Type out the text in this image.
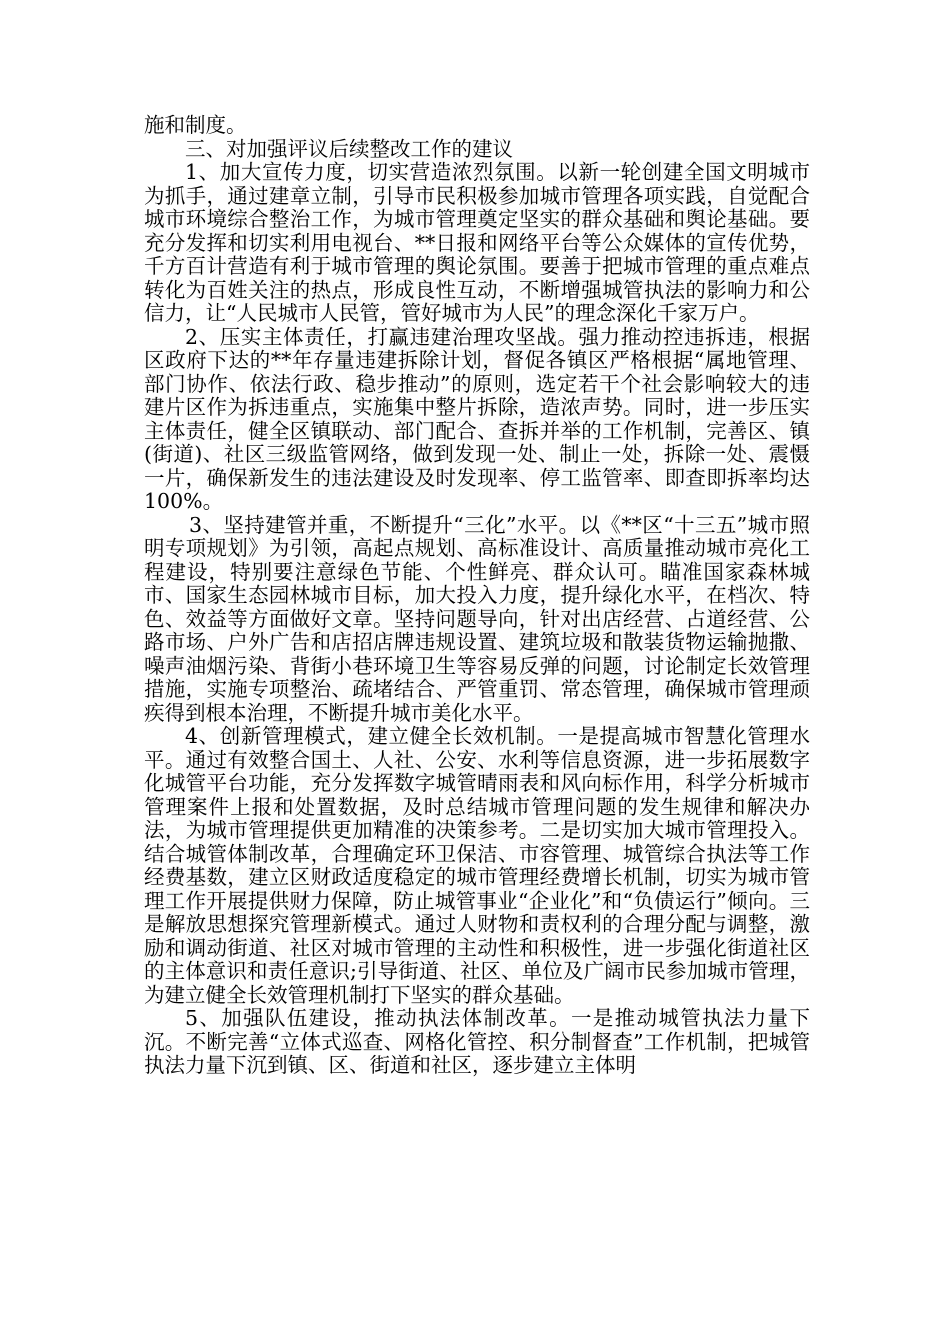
施和制度。

三、对加强评议后续整改工作的建议

1、加大宣传力度，切实营造浓烈氛围。以新一轮创建全国文明城市为抓手，通过建章立制，引导市民积极参加城市管理各项实践，自觉配合城市环境综合整治工作，为城市管理奠定坚实的群众基础和舆论基础。要充分发挥和切实利用电视台、**日报和网络平台等公众媒体的宣传优势，千方百计营造有利于城市管理的舆论氛围。要善于把城市管理的重点难点转化为百姓关注的热点，形成良性互动，不断增强城管执法的影响力和公信力，让“人民城市人民管，管好城市为人民”的理念深化千家万户。

2、压实主体责任，打赢违建治理攻坚战。强力推动控违拆违，根据区政府下达的**年存量违建拆除计划，督促各镇区严格根据“属地管理、部门协作、依法行政、稳步推动”的原则，选定若干个社会影响较大的违建片区作为拆违重点，实施集中整片拆除，造浓声势。同时，进一步压实主体责任，健全区镇联动、部门配合、查拆并举的工作机制，完善区、镇(街道)、社区三级监管网络，做到发现一处、制止一处，拆除一处、震慑一片，确保新发生的违法建设及时发现率、停工监管率、即查即拆率均达100%。

3、坚持建管并重，不断提升“三化”水平。以《**区“十三五”城市照明专项规划》为引领，高起点规划、高标准设计、高质量推动城市亮化工程建设，特别要注意绿色节能、个性鲜亮、群众认可。瞄准国家森林城市、国家生态园林城市目标，加大投入力度，提升绿化水平，在档次、特色、效益等方面做好文章。坚持问题导向，针对出店经营、占道经营、公路市场、户外广告和店招店牌违规设置、建筑垃圾和散装货物运输抛撒、噪声油烟污染、背街小巷环境卫生等容易反弹的问题，讨论制定长效管理措施，实施专项整治、疏堵结合、严管重罚、常态管理，确保城市管理顽疾得到根本治理，不断提升城市美化水平。

4、创新管理模式，建立健全长效机制。一是提高城市智慧化管理水平。通过有效整合国土、人社、公安、水利等信息资源，进一步拓展数字化城管平台功能，充分发挥数字城管晴雨表和风向标作用，科学分析城市管理案件上报和处置数据，及时总结城市管理问题的发生规律和解决办法，为城市管理提供更加精准的决策参考。二是切实加大城市管理投入。结合城管体制改革，合理确定环卫保洁、市容管理、城管综合执法等工作经费基数，建立区财政适度稳定的城市管理经费增长机制，切实为城市管理工作开展提供财力保障，防止城管事业“企业化”和“负债运行”倾向。三是解放思想探究管理新模式。通过人财物和责权利的合理分配与调整，激励和调动街道、社区对城市管理的主动性和积极性，进一步强化街道社区的主体意识和责任意识;引导街道、社区、单位及广阔市民参加城市管理，为建立健全长效管理机制打下坚实的群众基础。

5、加强队伍建设，推动执法体制改革。一是推动城管执法力量下沉。不断完善“立体式巡查、网格化管控、积分制督查”工作机制，把城管执法力量下沉到镇、区、街道和社区，逐步建立主体明
